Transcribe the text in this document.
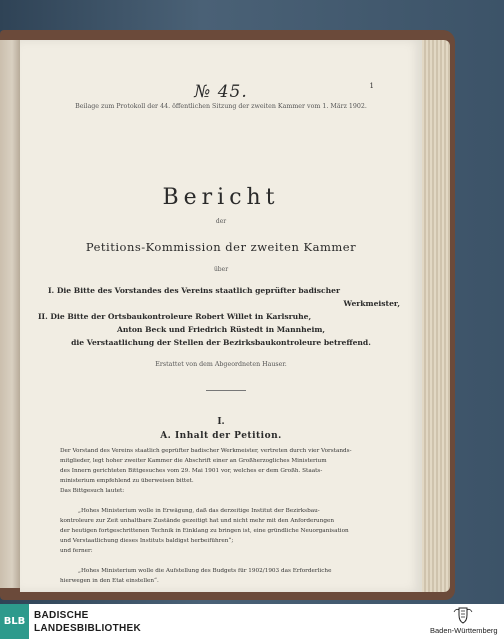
1
№ 45.
Beilage zum Protokoll der 44. öffentlichen Sitzung der zweiten Kammer vom 1. März 1902.
Bericht
der
Petitions-Kommission der zweiten Kammer
über
I. Die Bitte des Vorstandes des Vereins staatlich geprüfter badischer
Werkmeister,
II. Die Bitte der Ortsbaukontroleure Robert Willet in Karlsruhe,
Anton Beck und Friedrich Rüstedt in Mannheim,
die Verstaatlichung der Stellen der Bezirksbaukontroleure betreffend.
Erstattet von dem Abgeordneten Hauser.
I.
A. Inhalt der Petition.
Der Vorstand des Vereins staatlich geprüfter badischer Werkmeister, vertreten durch vier Vorstands-
mitglieder, legt hoher zweiter Kammer die Abschrift einer an Großherzogliches Ministerium
des Innern gerichteten Bittgesuches vom 29. Mai 1901 vor, welches er dem Großh. Staats-
ministerium empfehlend zu überweisen bittet.
Das Bittgesuch lautet:
„Hohes Ministerium wolle in Erwägung, daß das derzeitige Institut der Bezirksbau-
kontroleure zur Zeit unhaltbare Zustände gezeitigt hat und nicht mehr mit den Anforderungen
der heutigen fortgeschrittenen Technik in Einklang zu bringen ist, eine gründliche Neuorganisation
und Verstaatlichung dieses Instituts baldigst herbeiführen“;
und ferner:
„Hohes Ministerium wolle die Aufstellung des Budgets für 1902/1903 das Erforderliche
hierwegen in den Etat einstellen“.
BLB
BADISCHE
LANDESBIBLIOTHEK	Baden-Württemberg
